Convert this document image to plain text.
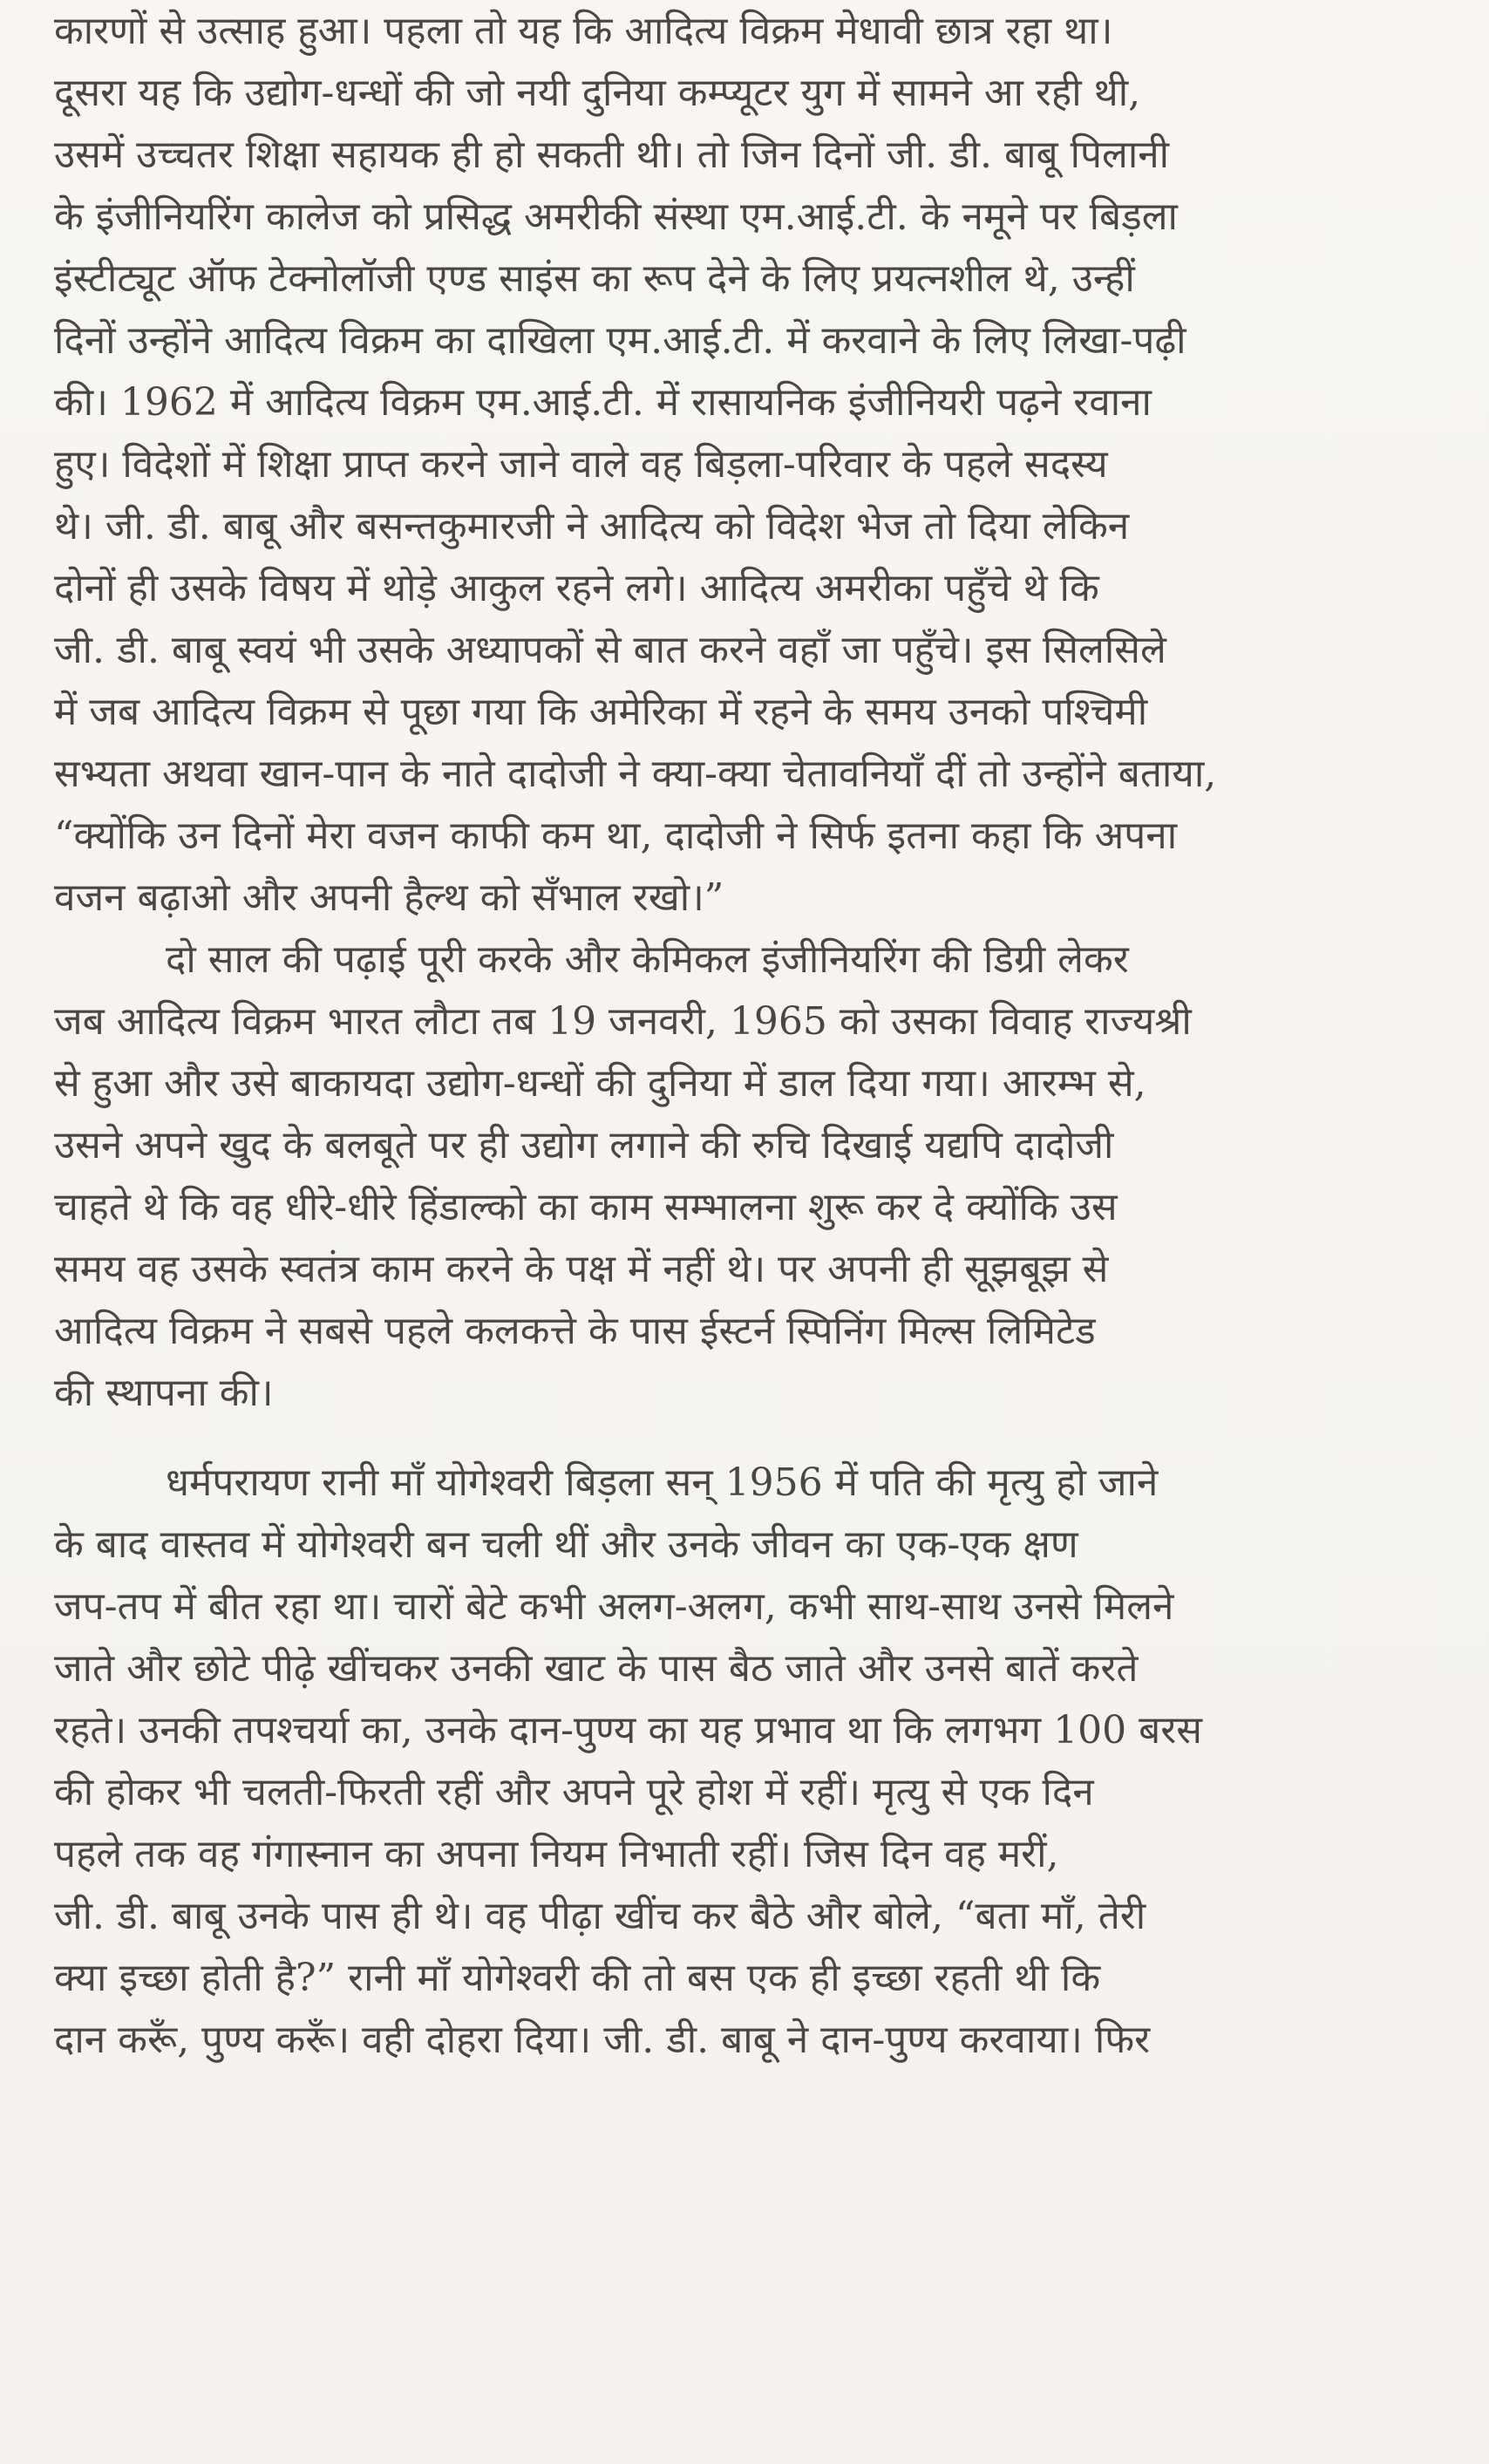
कारणों से उत्साह हुआ। पहला तो यह कि आदित्य विक्रम मेधावी छात्र रहा था।
दूसरा यह कि उद्योग-धन्धों की जो नयी दुनिया कम्प्यूटर युग में सामने आ रही थी,
उसमें उच्चतर शिक्षा सहायक ही हो सकती थी। तो जिन दिनों जी. डी. बाबू पिलानी
के इंजीनियरिंग कालेज को प्रसिद्ध अमरीकी संस्था एम.आई.टी. के नमूने पर बिड़ला
इंस्टीट्यूट ऑफ टेक्नोलॉजी एण्ड साइंस का रूप देने के लिए प्रयत्नशील थे, उन्हीं
दिनों उन्होंने आदित्य विक्रम का दाखिला एम.आई.टी. में करवाने के लिए लिखा-पढ़ी
की। 1962 में आदित्य विक्रम एम.आई.टी. में रासायनिक इंजीनियरी पढ़ने रवाना
हुए। विदेशों में शिक्षा प्राप्त करने जाने वाले वह बिड़ला-परिवार के पहले सदस्य
थे। जी. डी. बाबू और बसन्तकुमारजी ने आदित्य को विदेश भेज तो दिया लेकिन
दोनों ही उसके विषय में थोड़े आकुल रहने लगे। आदित्य अमरीका पहुँचे थे कि
जी. डी. बाबू स्वयं भी उसके अध्यापकों से बात करने वहाँ जा पहुँचे। इस सिलसिले
में जब आदित्य विक्रम से पूछा गया कि अमेरिका में रहने के समय उनको पश्चिमी
सभ्यता अथवा खान-पान के नाते दादोजी ने क्या-क्या चेतावनियाँ दीं तो उन्होंने बताया,
“क्योंकि उन दिनों मेरा वजन काफी कम था, दादोजी ने सिर्फ इतना कहा कि अपना
वजन बढ़ाओ और अपनी हैल्थ को सँभाल रखो।”

दो साल की पढ़ाई पूरी करके और केमिकल इंजीनियरिंग की डिग्री लेकर
जब आदित्य विक्रम भारत लौटा तब 19 जनवरी, 1965 को उसका विवाह राज्यश्री
से हुआ और उसे बाकायदा उद्योग-धन्धों की दुनिया में डाल दिया गया। आरम्भ से,
उसने अपने खुद के बलबूते पर ही उद्योग लगाने की रुचि दिखाई यद्यपि दादोजी
चाहते थे कि वह धीरे-धीरे हिंडाल्को का काम सम्भालना शुरू कर दे क्योंकि उस
समय वह उसके स्वतंत्र काम करने के पक्ष में नहीं थे। पर अपनी ही सूझबूझ से
आदित्य विक्रम ने सबसे पहले कलकत्ते के पास ईस्टर्न स्पिनिंग मिल्स लिमिटेड
की स्थापना की।

धर्मपरायण रानी माँ योगेश्वरी बिड़ला सन् 1956 में पति की मृत्यु हो जाने
के बाद वास्तव में योगेश्वरी बन चली थीं और उनके जीवन का एक-एक क्षण
जप-तप में बीत रहा था। चारों बेटे कभी अलग-अलग, कभी साथ-साथ उनसे मिलने
जाते और छोटे पीढ़े खींचकर उनकी खाट के पास बैठ जाते और उनसे बातें करते
रहते। उनकी तपश्चर्या का, उनके दान-पुण्य का यह प्रभाव था कि लगभग 100 बरस
की होकर भी चलती-फिरती रहीं और अपने पूरे होश में रहीं। मृत्यु से एक दिन
पहले तक वह गंगास्नान का अपना नियम निभाती रहीं। जिस दिन वह मरीं,
जी. डी. बाबू उनके पास ही थे। वह पीढ़ा खींच कर बैठे और बोले, “बता माँ, तेरी
क्या इच्छा होती है?” रानी माँ योगेश्वरी की तो बस एक ही इच्छा रहती थी कि
दान करूँ, पुण्य करूँ। वही दोहरा दिया। जी. डी. बाबू ने दान-पुण्य करवाया। फिर
